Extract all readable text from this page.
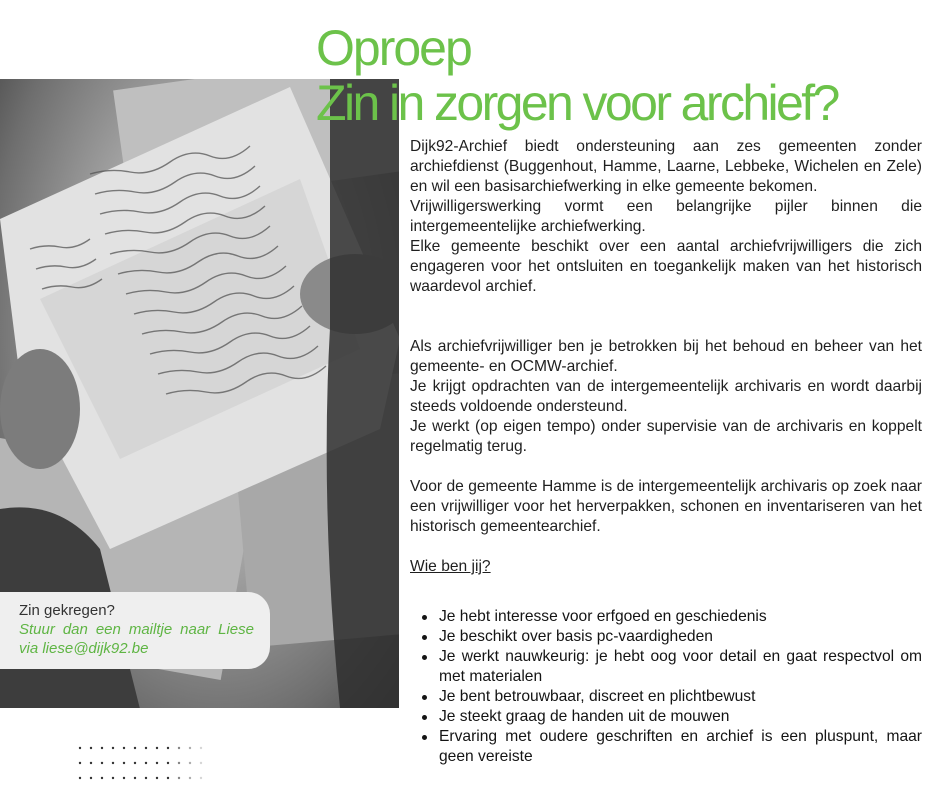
Oproep
Zin in zorgen voor archief?

Dijk92-Archief biedt ondersteuning aan zes gemeenten zonder archiefdienst (Buggenhout, Hamme, Laarne, Lebbeke, Wichelen en Zele) en wil een basisarchiefwerking in elke gemeente bekomen.

Vrijwilligerswerking vormt een belangrijke pijler binnen die intergemeentelijke archiefwerking.

Elke gemeente beschikt over een aantal archiefvrijwilligers die zich engageren voor het ontsluiten en toegankelijk maken van het historisch waardevol archief.

Als archiefvrijwilliger ben je betrokken bij het behoud en beheer van het gemeente- en OCMW-archief.

Je krijgt opdrachten van de intergemeentelijk archivaris en wordt daarbij steeds voldoende ondersteund.

Je werkt (op eigen tempo) onder supervisie van de archivaris en koppelt regelmatig terug.

Voor de gemeente Hamme is de intergemeentelijk archivaris op zoek naar een vrijwilliger voor het herverpakken, schonen en inventariseren van het historisch gemeentearchief.

Wie ben jij?

Je hebt interesse voor erfgoed en geschiedenis
Je beschikt over basis pc-vaardigheden
Je werkt nauwkeurig: je hebt oog voor detail en gaat respectvol om met materialen
Je bent betrouwbaar, discreet en plichtbewust
Je steekt graag de handen uit de mouwen
Ervaring met oudere geschriften en archief is een pluspunt, maar geen vereiste
Zin gekregen?
Stuur dan een mailtje naar Liese via liese@dijk92.be
